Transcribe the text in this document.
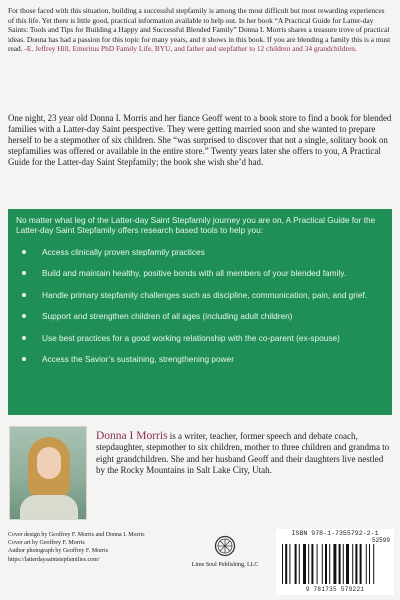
For those faced with this situation, building a successful stepfamily is among the most difficult but most rewarding experiences of this life. Yet there is little good, practical information available to help out. In her book “A Practical Guide for Latter-day Saints: Tools and Tips for Building a Happy and Successful Blended Family” Donna I. Morris shares a treasure trove of practical ideas. Donna has had a passion for this topic for many years, and it shows in this book. If you are blending a family this is a must read. -E. Jeffrey Hill, Emeritus PhD Family Life, BYU, and father and stepfather to 12 children and 34 grandchildren.
One night, 23 year old Donna I. Morris and her fiance Geoff went to a book store to find a book for blended families with a Latter-day Saint perspective. They were getting married soon and she wanted to prepare herself to be a stepmother of six children. She “was surprised to discover that not a single, solitary book on stepfamilies was offered or available in the entire store.” Twenty years later she offers to you, A Practical Guide for the Latter-day Saint Stepfamily; the book she wish she’d had.
No matter what leg of the Latter-day Saint Stepfamily journey you are on, A Practical Guide for the Latter-day Saint Stepfamily offers research based tools to help you:
Access clinically proven stepfamily practices
Build and maintain healthy, positive bonds with all members of your blended family.
Handle primary stepfamily challenges such as discipline, communication, pain, and grief.
Support and strengthen children of all ages (including adult children)
Use best practices for a good working relationship with the co-parent (ex-spouse)
Access the Savior’s sustaining, strengthening power
Donna I Morris is a writer, teacher, former speech and debate coach, stepdaughter, stepmother to six children, mother to three children and grandma to eight grandchildren. She and her husband Geoff and their daughters live nestled by the Rocky Mountains in Salt Lake City, Utah.
Cover design by Geoffrey F. Morris and Donna I. Morris
Cover art by Geoffrey F. Morris
Author photograph by Geoffrey F. Morris
https://latterdaysaintstepfamilies.com/
Lime Soul Publishing, LLC
ISBN 978-1-7355792-2-1
52599
9 781735 579221
